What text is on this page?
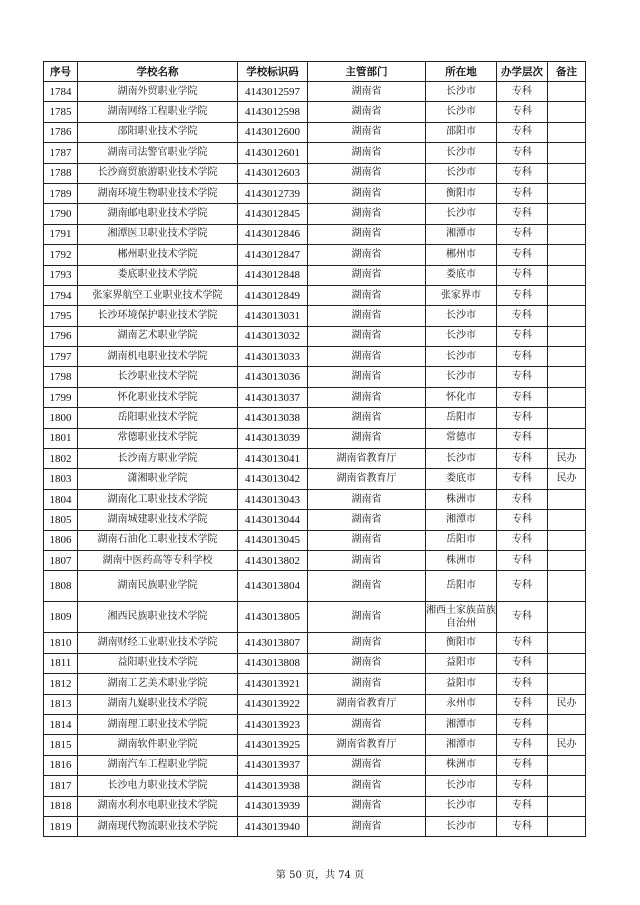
序号	学校名称	学校标识码	主管部门	所在地	办学层次	备注
1784	湖南外贸职业学院	4143012597	湖南省	长沙市	专科	
1785	湖南网络工程职业学院	4143012598	湖南省	长沙市	专科	
1786	邵阳职业技术学院	4143012600	湖南省	邵阳市	专科	
1787	湖南司法警官职业学院	4143012601	湖南省	长沙市	专科	
1788	长沙商贸旅游职业技术学院	4143012603	湖南省	长沙市	专科	
1789	湖南环境生物职业技术学院	4143012739	湖南省	衡阳市	专科	
1790	湖南邮电职业技术学院	4143012845	湖南省	长沙市	专科	
1791	湘潭医卫职业技术学院	4143012846	湖南省	湘潭市	专科	
1792	郴州职业技术学院	4143012847	湖南省	郴州市	专科	
1793	娄底职业技术学院	4143012848	湖南省	娄底市	专科	
1794	张家界航空工业职业技术学院	4143012849	湖南省	张家界市	专科	
1795	长沙环境保护职业技术学院	4143013031	湖南省	长沙市	专科	
1796	湖南艺术职业学院	4143013032	湖南省	长沙市	专科	
1797	湖南机电职业技术学院	4143013033	湖南省	长沙市	专科	
1798	长沙职业技术学院	4143013036	湖南省	长沙市	专科	
1799	怀化职业技术学院	4143013037	湖南省	怀化市	专科	
1800	岳阳职业技术学院	4143013038	湖南省	岳阳市	专科	
1801	常德职业技术学院	4143013039	湖南省	常德市	专科	
1802	长沙南方职业学院	4143013041	湖南省教育厅	长沙市	专科	民办
1803	潇湘职业学院	4143013042	湖南省教育厅	娄底市	专科	民办
1804	湖南化工职业技术学院	4143013043	湖南省	株洲市	专科	
1805	湖南城建职业技术学院	4143013044	湖南省	湘潭市	专科	
1806	湖南石油化工职业技术学院	4143013045	湖南省	岳阳市	专科	
1807	湖南中医药高等专科学校	4143013802	湖南省	株洲市	专科	
1808	湖南民族职业学院	4143013804	湖南省	岳阳市	专科	
1809	湘西民族职业技术学院	4143013805	湖南省	湘西土家族苗族自治州	专科	
1810	湖南财经工业职业技术学院	4143013807	湖南省	衡阳市	专科	
1811	益阳职业技术学院	4143013808	湖南省	益阳市	专科	
1812	湖南工艺美术职业学院	4143013921	湖南省	益阳市	专科	
1813	湖南九嶷职业技术学院	4143013922	湖南省教育厅	永州市	专科	民办
1814	湖南理工职业技术学院	4143013923	湖南省	湘潭市	专科	
1815	湖南软件职业学院	4143013925	湖南省教育厅	湘潭市	专科	民办
1816	湖南汽车工程职业学院	4143013937	湖南省	株洲市	专科	
1817	长沙电力职业技术学院	4143013938	湖南省	长沙市	专科	
1818	湖南水利水电职业技术学院	4143013939	湖南省	长沙市	专科	
1819	湖南现代物流职业技术学院	4143013940	湖南省	长沙市	专科	
第 50 页，共 74 页
